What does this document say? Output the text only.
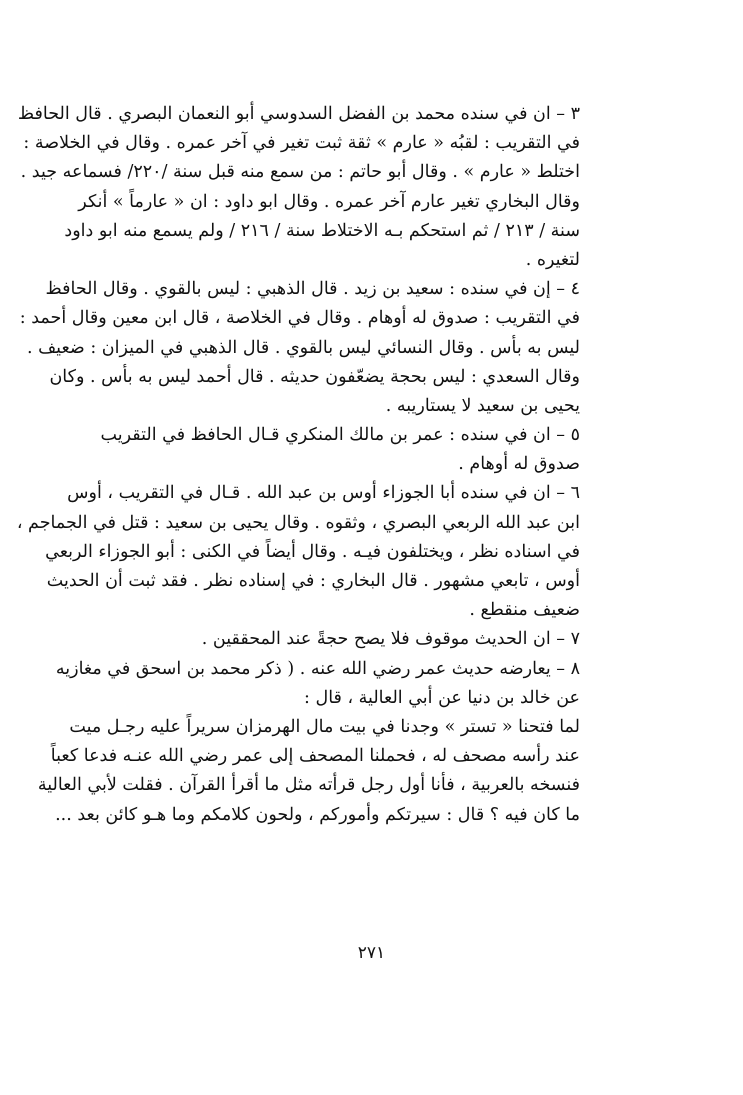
٣ – ان في سنده محمد بن الفضل السدوسي أبو النعمان البصري . قال الحافظ
في التقريب : لقبُه « عارم » ثقة ثبت تغير في آخر عمره . وقال في الخلاصة :
اختلط « عارم » . وقال أبو حاتم : من سمع منه قبل سنة /٢٢٠/ فسماعه جيد .
وقال البخاري تغير عارم آخر عمره . وقال ابو داود : ان « عارماً » أنكر
سنة / ٢١٣ / ثم استحكم بـه الاختلاط سنة / ٢١٦ / ولم يسمع منه ابو داود
لتغيره .
٤ – إن في سنده : سعيد بن زيد . قال الذهبي : ليس بالقوي . وقال الحافظ
في التقريب : صدوق له أوهام . وقال في الخلاصة ، قال ابن معين وقال أحمد :
ليس به بأس . وقال النسائي ليس بالقوي . قال الذهبي في الميزان : ضعيف .
وقال السعدي : ليس بحجة يضعّفون حديثه . قال أحمد ليس به بأس . وكان
يحيى بن سعيد لا يستاريبه .
٥ – ان في سنده : عمر بن مالك المنكري قـال الحافظ في التقريب
صدوق له أوهام .
٦ – ان في سنده أبا الجوزاء أوس بن عبد الله . قـال في التقريب ، أوس
ابن عبد الله الربعي البصري ، وثقوه . وقال يحيى بن سعيد : قتل في الجماجم ،
في اسناده نظر ، ويختلفون فيـه . وقال أيضاً في الكنى : أبو الجوزاء الربعي
أوس ، تابعي مشهور . قال البخاري : في إسناده نظر . فقد ثبت أن الحديث
ضعيف منقطع .
٧ – ان الحديث موقوف فلا يصح حجةً عند المحققين .
٨ – يعارضه حديث عمر رضي الله عنه . ( ذكر محمد بن اسحق في مغازيه
عن خالد بن دنيا عن أبي العالية ، قال :
لما فتحنا « تستر » وجدنا في بيت مال الهرمزان سريراً عليه رجـل ميت
عند رأسه مصحف له ، فحملنا المصحف إلى عمر رضي الله عنـه فدعا كعباً
فنسخه بالعربية ، فأنا أول رجل قرأته مثل ما أقرأ القرآن . فقلت لأبي العالية
ما كان فيه ؟ قال : سيرتكم وأموركم ، ولحون كلامكم وما هـو كائن بعد ...
٢٧١
